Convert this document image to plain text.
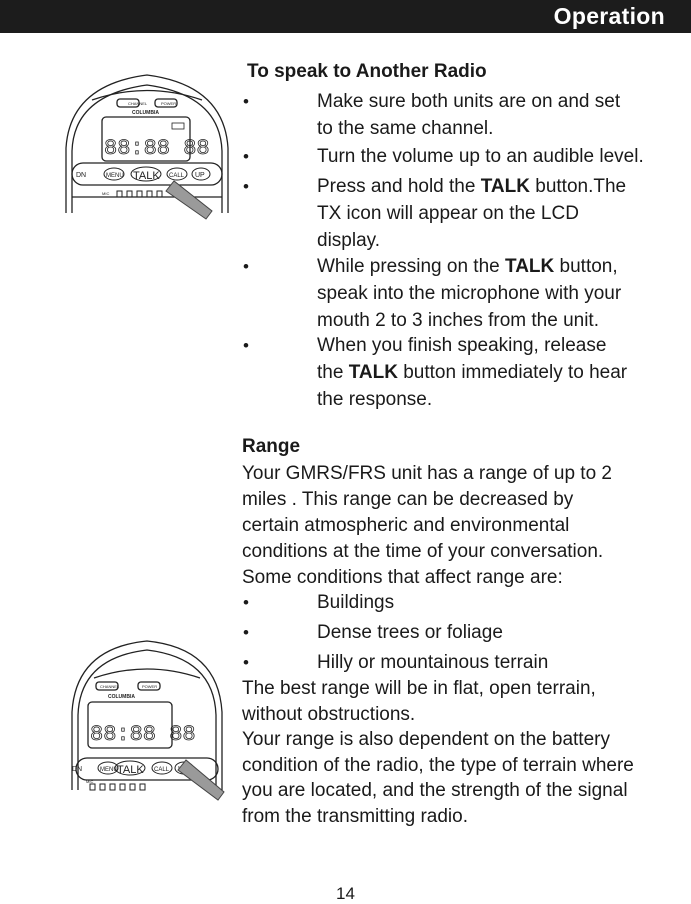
Operation
CHANNEL	POWER
COLUMBIA
88:88 88
DN	MENU TALK CALL UP
MIC
CHANNEL	POWER
COLUMBIA
88:88 88
DN	MENU TALK CALL
MIC
To speak to Another Radio
•	Make sure both units are on and set
to the same channel.
•	Turn the volume up to an audible level.
•	Press and hold the TALK button.The
TX icon will appear on the LCD
display.
•	While pressing on the TALK button,
speak into the microphone with your
mouth 2 to 3 inches from the unit.
•	When you finish speaking, release
the TALK button immediately to hear
the response.
Range
Your GMRS/FRS unit has a range of up to 2
miles . This range can be decreased by
certain atmospheric and environmental
conditions at the time of your conversation.
Some conditions that affect range are:
•	Buildings
•	Dense trees or foliage
•	Hilly or mountainous terrain
The best range will be in flat, open terrain,
without obstructions.
Your range is also dependent on the battery
condition of the radio, the type of terrain where
you are located, and the strength of the signal
from the transmitting radio.
14
